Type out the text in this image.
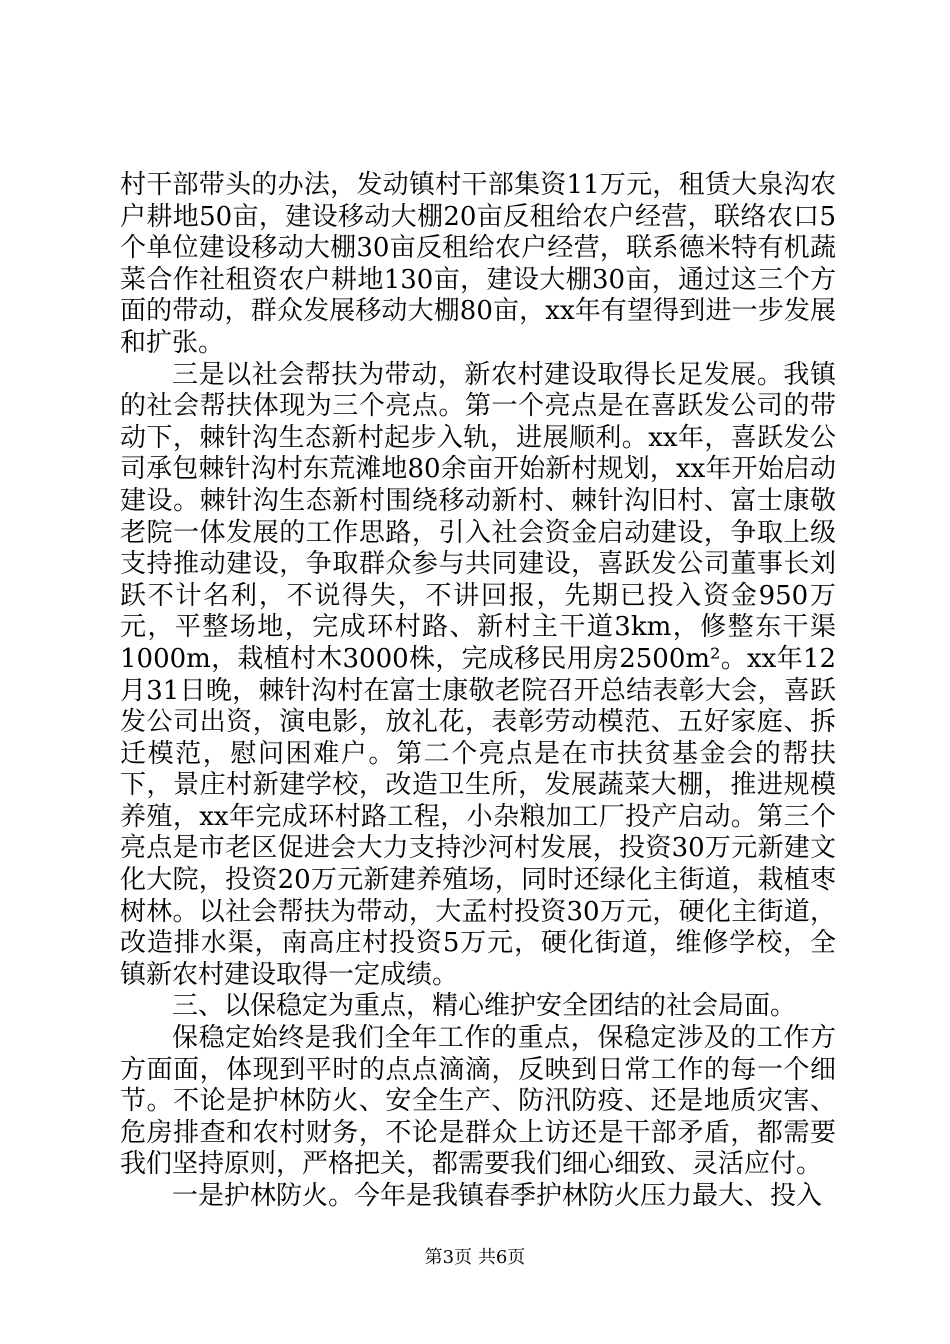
村干部带头的办法，发动镇村干部集资11万元，租赁大泉沟农户耕地50亩，建设移动大棚20亩反租给农户经营，联络农口5个单位建设移动大棚30亩反租给农户经营，联系德米特有机蔬菜合作社租资农户耕地130亩，建设大棚30亩，通过这三个方面的带动，群众发展移动大棚80亩，xx年有望得到进一步发展和扩张。

三是以社会帮扶为带动，新农村建设取得长足发展。我镇的社会帮扶体现为三个亮点。第一个亮点是在喜跃发公司的带动下，棘针沟生态新村起步入轨，进展顺利。xx年，喜跃发公司承包棘针沟村东荒滩地80余亩开始新村规划，xx年开始启动建设。棘针沟生态新村围绕移动新村、棘针沟旧村、富士康敬老院一体发展的工作思路，引入社会资金启动建设，争取上级支持推动建设，争取群众参与共同建设，喜跃发公司董事长刘跃不计名利，不说得失，不讲回报，先期已投入资金950万元，平整场地，完成环村路、新村主干道3km，修整东干渠1000m，栽植村木3000株，完成移民用房2500m²。xx年12月31日晚，棘针沟村在富士康敬老院召开总结表彰大会，喜跃发公司出资，演电影，放礼花，表彰劳动模范、五好家庭、拆迁模范，慰问困难户。第二个亮点是在市扶贫基金会的帮扶下，景庄村新建学校，改造卫生所，发展蔬菜大棚，推进规模养殖，xx年完成环村路工程，小杂粮加工厂投产启动。第三个亮点是市老区促进会大力支持沙河村发展，投资30万元新建文化大院，投资20万元新建养殖场，同时还绿化主街道，栽植枣树林。以社会帮扶为带动，大孟村投资30万元，硬化主街道，改造排水渠，南高庄村投资5万元，硬化街道，维修学校，全镇新农村建设取得一定成绩。

三、以保稳定为重点，精心维护安全团结的社会局面。

保稳定始终是我们全年工作的重点，保稳定涉及的工作方方面面，体现到平时的点点滴滴，反映到日常工作的每一个细节。不论是护林防火、安全生产、防汛防疫、还是地质灾害、危房排查和农村财务，不论是群众上访还是干部矛盾，都需要我们坚持原则，严格把关，都需要我们细心细致、灵活应付。

一是护林防火。今年是我镇春季护林防火压力最大、投入

第3页 共6页
